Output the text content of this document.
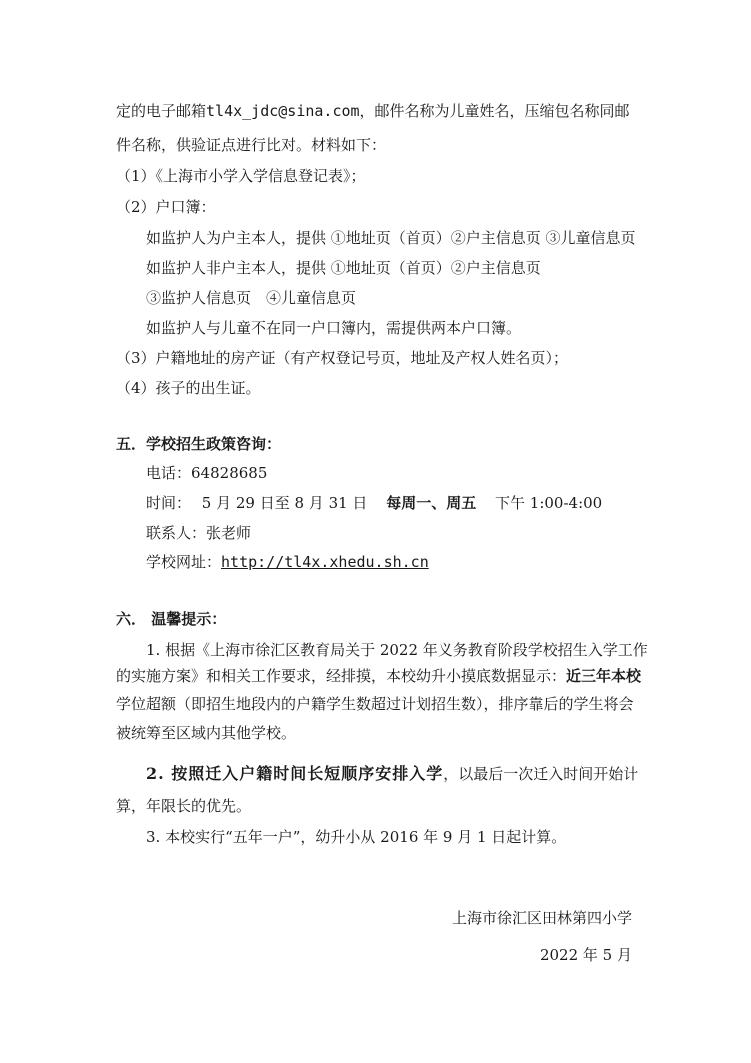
定的电子邮箱tl4x_jdc@sina.com，邮件名称为儿童姓名，压缩包名称同邮
件名称，供验证点进行比对。材料如下：
（1）《上海市小学入学信息登记表》；
（2）户口簿：
如监护人为户主本人，提供 ①地址页（首页）②户主信息页 ③儿童信息页
如监护人非户主本人，提供 ①地址页（首页）②户主信息页
③监护人信息页　④儿童信息页
如监护人与儿童不在同一户口簿内，需提供两本户口簿。
（3）户籍地址的房产证（有产权登记号页，地址及产权人姓名页）；
（4）孩子的出生证。
五．学校招生政策咨询：
电话：64828685
时间： 5 月 29 日至 8 月 31 日 每周一、周五 下午 1:00-4:00
联系人：张老师
学校网址：http://tl4x.xhedu.sh.cn
六． 温馨提示：
1. 根据《上海市徐汇区教育局关于 2022 年义务教育阶段学校招生入学工作
的实施方案》和相关工作要求，经排摸，本校幼升小摸底数据显示：近三年本校
学位超额（即招生地段内的户籍学生数超过计划招生数），排序靠后的学生将会
被统筹至区域内其他学校。
2. 按照迁入户籍时间长短顺序安排入学，以最后一次迁入时间开始计
算，年限长的优先。
3. 本校实行“五年一户”，幼升小从 2016 年 9 月 1 日起计算。
上海市徐汇区田林第四小学
2022 年 5 月
